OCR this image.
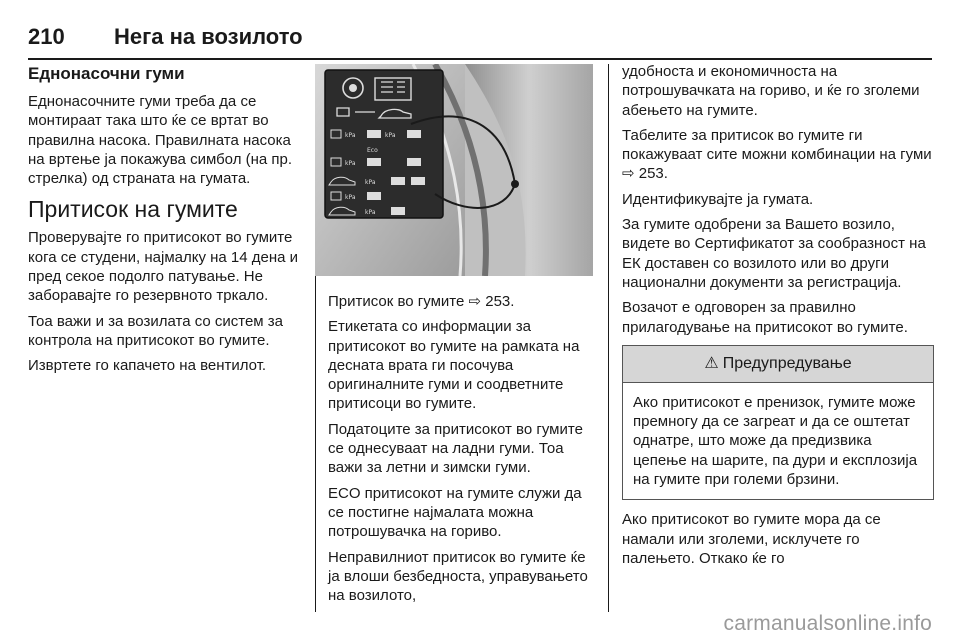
210 Нега на возилото
Еднонасочни гуми

Еднонасочните гуми треба да се монтираат така што ќе се вртат во правилна насока. Правилната насока на вртење ја покажува симбол (на пр. стрелка) од страната на гумата.

Притисок на гумите

Проверувајте го притисокот во гумите кога се студени, најмалку на 14 дена и пред секое подолго патување. Не заборавајте го резервното тркало.

Тоа важи и за возилата со систем за контрола на притисокот во гумите.

Извртете го капачето на вентилот.

kPa	kPa
Eco
kPa
kPa
kPa
kPa

Притисок во гумите ⇨ 253.

Етикетата со информации за притисокот во гумите на рамката на десната врата ги посочува оригиналните гуми и соодветните притисоци во гумите.

Податоците за притисокот во гумите се однесуваат на ладни гуми. Тоа важи за летни и зимски гуми.

ECO притисокот на гумите служи да се постигне најмалата можна потрошувачка на гориво.

Неправилниот притисок во гумите ќе ја влоши безбедноста, управувањето на возилото,

удобноста и економичноста на потрошувачката на гориво, и ќе го зголеми абењето на гумите.

Табелите за притисок во гумите ги покажуваат сите можни комбинации на гуми ⇨ 253.

Идентификувајте ја гумата.

За гумите одобрени за Вашето возило, видете во Сертификатот за сообразност на ЕК доставен со возилото или во други национални документи за регистрација.

Возачот е одговорен за правилно прилагодување на притисокот во гумите.

⚠ Предупредување

Ако притисокот е пренизок, гумите може премногу да се загреат и да се оштетат однатре, што може да предизвика цепење на шарите, па дури и експлозија на гумите при големи брзини.

Ако притисокот во гумите мора да се намали или зголеми, исклучете го палењето. Откако ќе го

carmanualsonline.info
